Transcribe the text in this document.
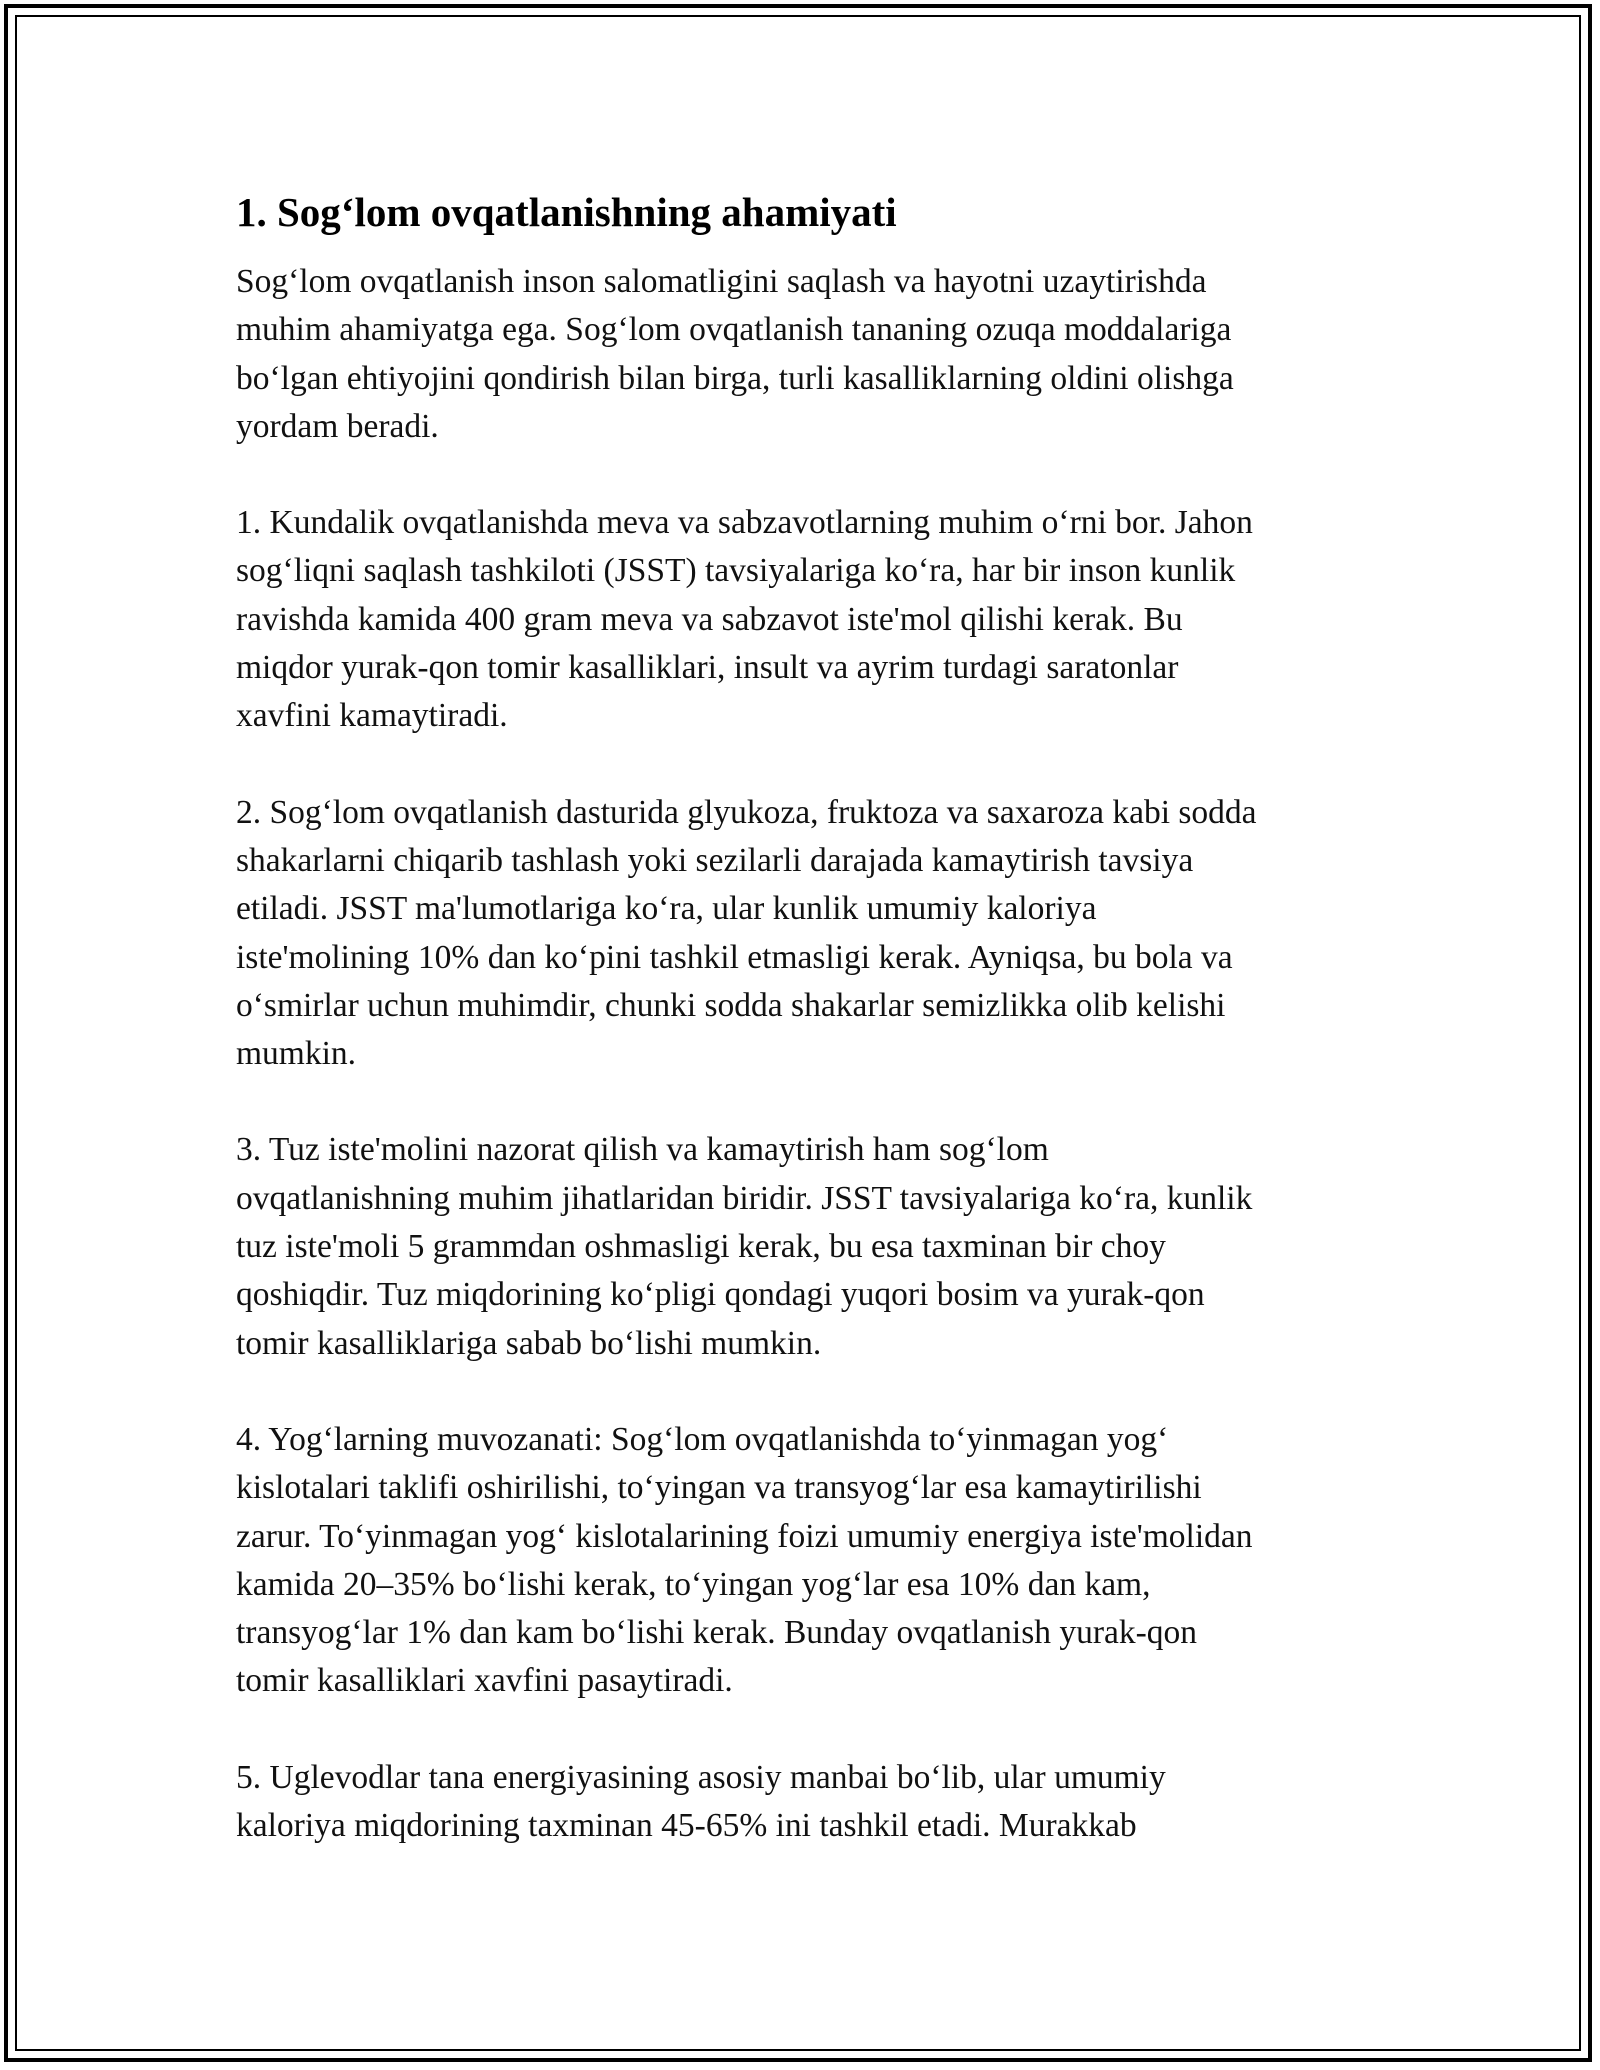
1. Sog‘lom ovqatlanishning ahamiyati

Sog‘lom ovqatlanish inson salomatligini saqlash va hayotni uzaytirishda
muhim ahamiyatga ega. Sog‘lom ovqatlanish tananing ozuqa moddalariga
bo‘lgan ehtiyojini qondirish bilan birga, turli kasalliklarning oldini olishga
yordam beradi.

1. Kundalik ovqatlanishda meva va sabzavotlarning muhim o‘rni bor. Jahon
sog‘liqni saqlash tashkiloti (JSST) tavsiyalariga ko‘ra, har bir inson kunlik
ravishda kamida 400 gram meva va sabzavot iste'mol qilishi kerak. Bu
miqdor yurak-qon tomir kasalliklari, insult va ayrim turdagi saratonlar
xavfini kamaytiradi.

2. Sog‘lom ovqatlanish dasturida glyukoza, fruktoza va saxaroza kabi sodda
shakarlarni chiqarib tashlash yoki sezilarli darajada kamaytirish tavsiya
etiladi. JSST ma'lumotlariga ko‘ra, ular kunlik umumiy kaloriya
iste'molining 10% dan ko‘pini tashkil etmasligi kerak. Ayniqsa, bu bola va
o‘smirlar uchun muhimdir, chunki sodda shakarlar semizlikka olib kelishi
mumkin.

3. Tuz iste'molini nazorat qilish va kamaytirish ham sog‘lom
ovqatlanishning muhim jihatlaridan biridir. JSST tavsiyalariga ko‘ra, kunlik
tuz iste'moli 5 grammdan oshmasligi kerak, bu esa taxminan bir choy
qoshiqdir. Tuz miqdorining ko‘pligi qondagi yuqori bosim va yurak-qon
tomir kasalliklariga sabab bo‘lishi mumkin.

4. Yog‘larning muvozanati: Sog‘lom ovqatlanishda to‘yinmagan yog‘
kislotalari taklifi oshirilishi, to‘yingan va transyog‘lar esa kamaytirilishi
zarur. To‘yinmagan yog‘ kislotalarining foizi umumiy energiya iste'molidan
kamida 20–35% bo‘lishi kerak, to‘yingan yog‘lar esa 10% dan kam,
transyog‘lar 1% dan kam bo‘lishi kerak. Bunday ovqatlanish yurak-qon
tomir kasalliklari xavfini pasaytiradi.

5. Uglevodlar tana energiyasining asosiy manbai bo‘lib, ular umumiy
kaloriya miqdorining taxminan 45-65% ini tashkil etadi. Murakkab
